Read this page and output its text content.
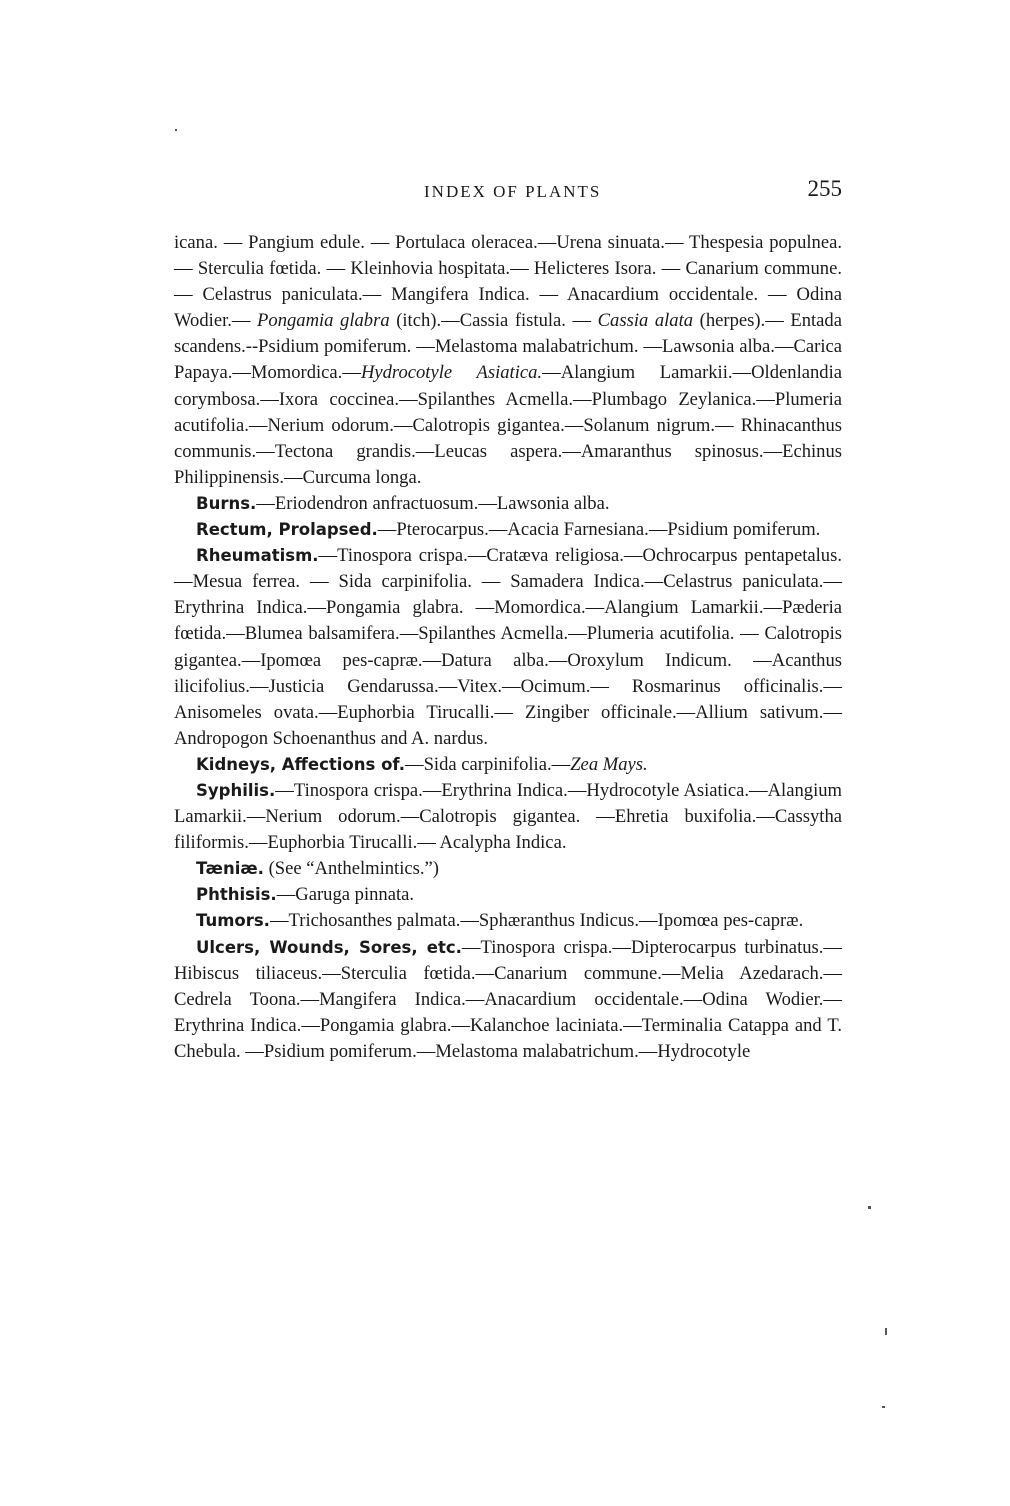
INDEX OF PLANTS	255

icana. — Pangium edule. — Portulaca oleracea.—Urena sinuata.— Thespesia populnea. — Sterculia fœtida. — Kleinhovia hospitata.— Helicteres Isora. — Canarium commune. — Celastrus paniculata.— Mangifera Indica. — Anacardium occidentale. — Odina Wodier.— Pongamia glabra (itch).—Cassia fistula. — Cassia alata (herpes).— Entada scandens.--Psidium pomiferum. —Melastoma malabatrichum. —Lawsonia alba.—Carica Papaya.—Momordica.—Hydrocotyle Asiatica.—Alangium Lamarkii.—Oldenlandia corymbosa.—Ixora coccinea.—Spilanthes Acmella.—Plumbago Zeylanica.—Plumeria acutifolia.—Nerium odorum.—Calotropis gigantea.—Solanum nigrum.— Rhinacanthus communis.—Tectona grandis.—Leucas aspera.—Amaranthus spinosus.—Echinus Philippinensis.—Curcuma longa.

Burns.—Eriodendron anfractuosum.—Lawsonia alba.

Rectum, Prolapsed.—Pterocarpus.—Acacia Farnesiana.—Psidium pomiferum.

Rheumatism.—Tinospora crispa.—Cratæva religiosa.—Ochrocarpus pentapetalus.—Mesua ferrea. — Sida carpinifolia. — Samadera Indica.—Celastrus paniculata.—Erythrina Indica.—Pongamia glabra. —Momordica.—Alangium Lamarkii.—Pæderia fœtida.—Blumea balsamifera.—Spilanthes Acmella.—Plumeria acutifolia. — Calotropis gigantea.—Ipomœa pes-capræ.—Datura alba.—Oroxylum Indicum. —Acanthus ilicifolius.—Justicia Gendarussa.—Vitex.—Ocimum.— Rosmarinus officinalis.—Anisomeles ovata.—Euphorbia Tirucalli.— Zingiber officinale.—Allium sativum.—Andropogon Schoenanthus and A. nardus.

Kidneys, Affections of.—Sida carpinifolia.—Zea Mays.

Syphilis.—Tinospora crispa.—Erythrina Indica.—Hydrocotyle Asiatica.—Alangium Lamarkii.—Nerium odorum.—Calotropis gigantea. —Ehretia buxifolia.—Cassytha filiformis.—Euphorbia Tirucalli.— Acalypha Indica.

Tæniæ. (See “Anthelmintics.”)

Phthisis.—Garuga pinnata.

Tumors.—Trichosanthes palmata.—Sphæranthus Indicus.—Ipomœa pes-capræ.

Ulcers, Wounds, Sores, etc.—Tinospora crispa.—Dipterocarpus turbinatus.—Hibiscus tiliaceus.—Sterculia fœtida.—Canarium commune.—Melia Azedarach.—Cedrela Toona.—Mangifera Indica.—Anacardium occidentale.—Odina Wodier.—Erythrina Indica.—Pongamia glabra.—Kalanchoe laciniata.—Terminalia Catappa and T. Chebula. —Psidium pomiferum.—Melastoma malabatrichum.—Hydrocotyle
